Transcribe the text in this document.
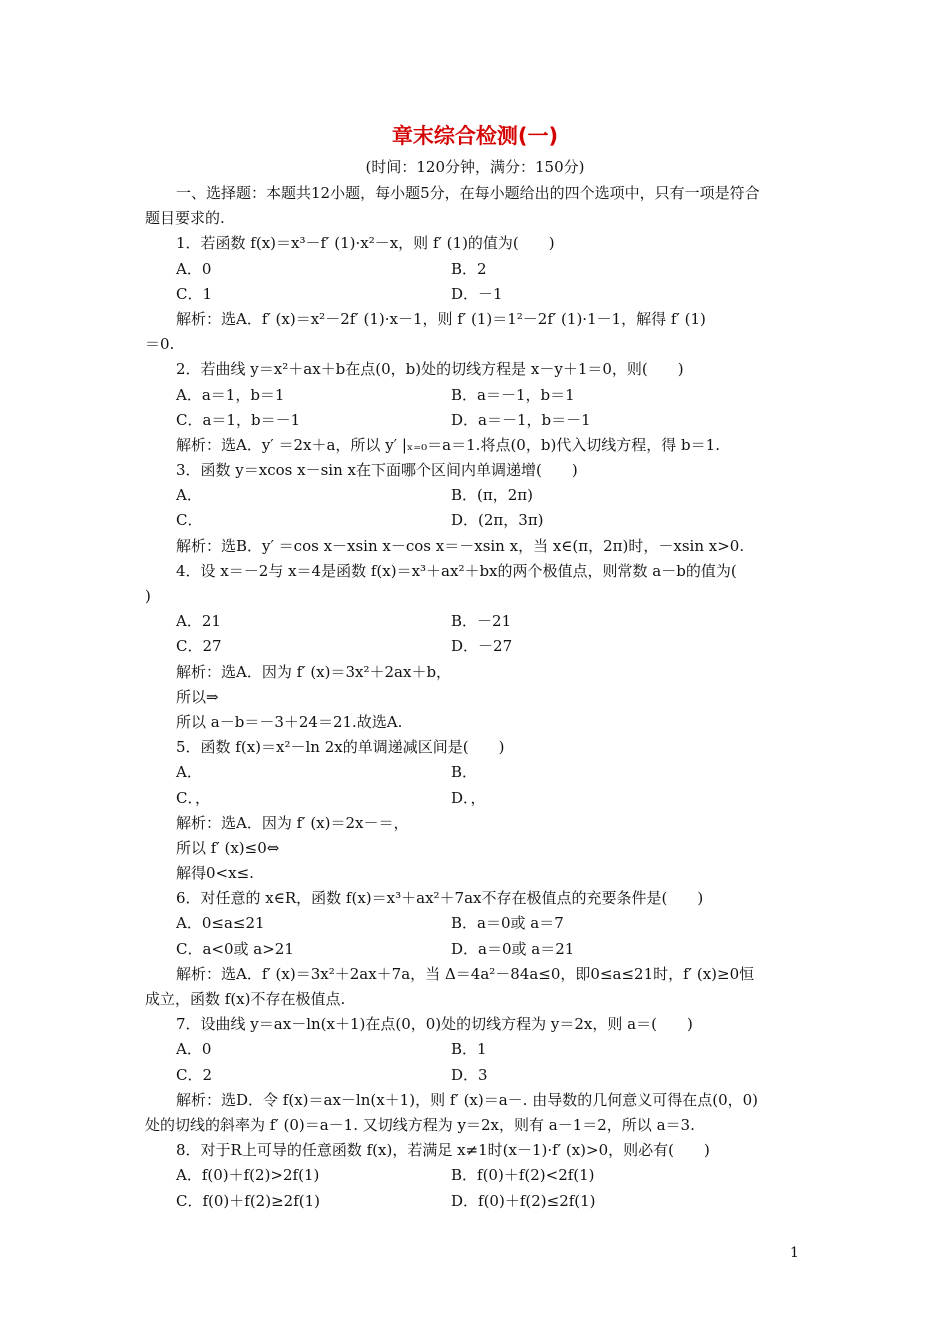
章末综合检测(一)
(时间：120分钟，满分：150分)
一、选择题：本题共12小题，每小题5分，在每小题给出的四个选项中，只有一项是符合
题目要求的.
1．若函数 f(x)＝x³－f′ (1)·x²－x，则 f′ (1)的值为(　　)
A．0	B．2
C．1	D．－1
解析：选A．f′ (x)＝x²－2f′ (1)·x－1，则 f′ (1)＝1²－2f′ (1)·1－1，解得 f′ (1)
＝0.
2．若曲线 y＝x²＋ax＋b在点(0，b)处的切线方程是 x－y＋1＝0，则(　　)
A．a＝1，b＝1	B．a＝－1，b＝1
C．a＝1，b＝－1	D．a＝－1，b＝－1
解析：选A．y′ ＝2x＋a，所以 y′ |ₓ₌₀＝a＝1.将点(0，b)代入切线方程，得 b＝1.
3．函数 y＝xcos x－sin x在下面哪个区间内单调递增(　　)
A．	B．(π，2π)
C．	D．(2π，3π)
解析：选B．y′ ＝cos x－xsin x－cos x＝－xsin x，当 x∈(π，2π)时，－xsin x>0.
4．设 x＝－2与 x＝4是函数 f(x)＝x³＋ax²＋bx的两个极值点，则常数 a－b的值为(
)
A．21	B．－21
C．27	D．－27
解析：选A．因为 f′ (x)＝3x²＋2ax＋b，
所以⇒
所以 a－b＝－3＋24＝21.故选A.
5．函数 f(x)＝x²－ln 2x的单调递减区间是(　　)
A．	B．
C．，	D．，
解析：选A．因为 f′ (x)＝2x－＝，
所以 f′ (x)≤0⇔
解得0<x≤.
6．对任意的 x∈R，函数 f(x)＝x³＋ax²＋7ax不存在极值点的充要条件是(　　)
A．0≤a≤21	B．a＝0或 a＝7
C．a<0或 a>21	D．a＝0或 a＝21
解析：选A．f′ (x)＝3x²＋2ax＋7a，当 Δ＝4a²－84a≤0，即0≤a≤21时，f′ (x)≥0恒
成立，函数 f(x)不存在极值点.
7．设曲线 y＝ax－ln(x＋1)在点(0，0)处的切线方程为 y＝2x，则 a＝(　　)
A．0	B．1
C．2	D．3
解析：选D．令 f(x)＝ax－ln(x＋1)，则 f′ (x)＝a－. 由导数的几何意义可得在点(0，0)
处的切线的斜率为 f′ (0)＝a－1. 又切线方程为 y＝2x，则有 a－1＝2，所以 a＝3.
8．对于R上可导的任意函数 f(x)，若满足 x≠1时(x－1)·f′ (x)>0，则必有(　　)
A．f(0)＋f(2)>2f(1)	B．f(0)＋f(2)<2f(1)
C．f(0)＋f(2)≥2f(1)	D．f(0)＋f(2)≤2f(1)
1
